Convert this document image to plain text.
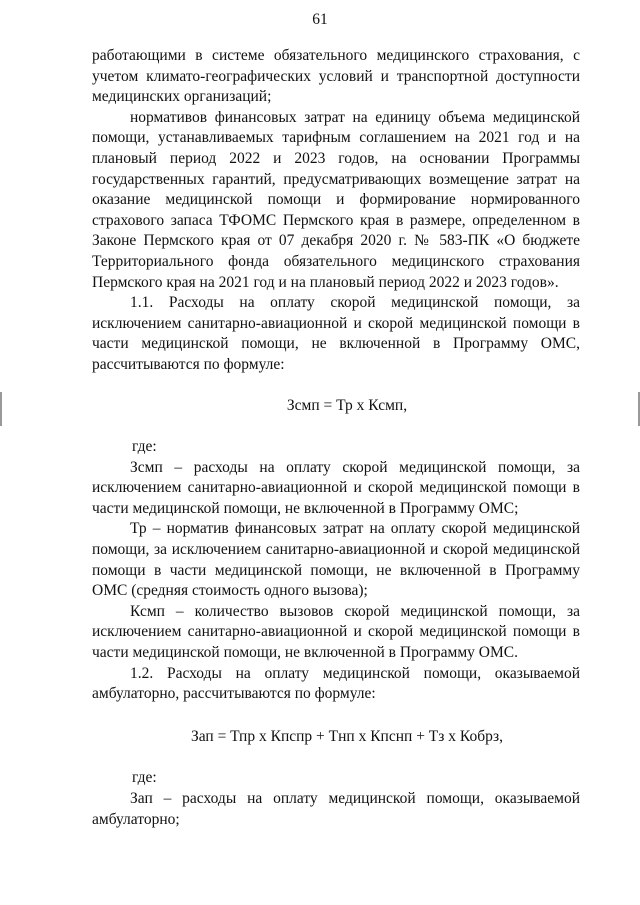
61

работающими в системе обязательного медицинского страхования, с учетом климато-географических условий и транспортной доступности медицинских организаций;

нормативов финансовых затрат на единицу объема медицинской помощи, устанавливаемых тарифным соглашением на 2021 год и на плановый период 2022 и 2023 годов, на основании Программы государственных гарантий, предусматривающих возмещение затрат на оказание медицинской помощи и формирование нормированного страхового запаса ТФОМС Пермского края в размере, определенном в Законе Пермского края от 07 декабря 2020 г. № 583-ПК «О бюджете Территориального фонда обязательного медицинского страхования Пермского края на 2021 год и на плановый период 2022 и 2023 годов».

1.1. Расходы на оплату скорой медицинской помощи, за исключением санитарно-авиационной и скорой медицинской помощи в части медицинской помощи, не включенной в Программу ОМС, рассчитываются по формуле:

Зсмп = Тр х Ксмп,

где:

Зсмп – расходы на оплату скорой медицинской помощи, за исключением санитарно-авиационной и скорой медицинской помощи в части медицинской помощи, не включенной в Программу ОМС;

Тр – норматив финансовых затрат на оплату скорой медицинской помощи, за исключением санитарно-авиационной и скорой медицинской помощи в части медицинской помощи, не включенной в Программу ОМС (средняя стоимость одного вызова);

Ксмп – количество вызовов скорой медицинской помощи, за исключением санитарно-авиационной и скорой медицинской помощи в части медицинской помощи, не включенной в Программу ОМС.

1.2. Расходы на оплату медицинской помощи, оказываемой амбулаторно, рассчитываются по формуле:

Зап = Тпр х Кпспр + Тнп х Кпснп + Тз х Кобрз,

где:

Зап – расходы на оплату медицинской помощи, оказываемой амбулаторно;
